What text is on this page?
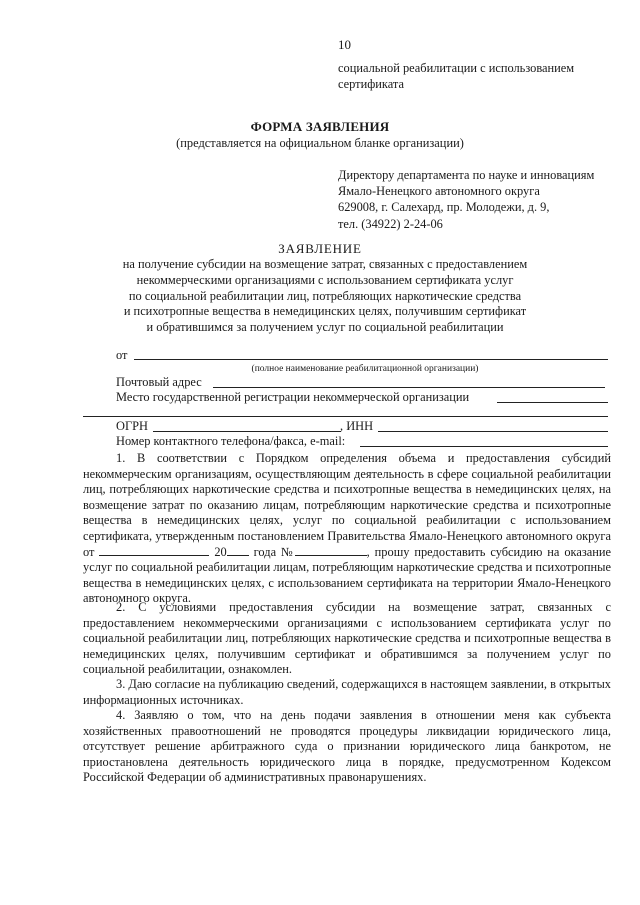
10
социальной реабилитации с использованием
сертификата
ФОРМА ЗАЯВЛЕНИЯ
(представляется на официальном бланке организации)
Директору департамента по науке и инновациям
Ямало-Ненецкого автономного округа
629008, г. Салехард, пр. Молодежи, д. 9,
тел. (34922) 2-24-06
ЗАЯВЛЕНИЕ
на получение субсидии на возмещение затрат, связанных с предоставлением
некоммерческими организациями с использованием сертификата услуг
по социальной реабилитации лиц, потребляющих наркотические средства
и психотропные вещества в немедицинских целях, получившим сертификат
и обратившимся за получением услуг по социальной реабилитации
от
(полное наименование реабилитационной организации)
Почтовый адрес
Место государственной регистрации некоммерческой организации
ОГРН	, ИНН
Номер контактного телефона/факса, e-mail:

1. В соответствии с Порядком определения объема и предоставления субсидий некоммерческим организациям, осуществляющим деятельность в сфере социальной реабилитации лиц, потребляющих наркотические средства и психотропные вещества в немедицинских целях, на возмещение затрат по оказанию лицам, потребляющим наркотические средства и психотропные вещества в немедицинских целях, услуг по социальной реабилитации с использованием сертификата, утвержденным постановлением Правительства Ямало-Ненецкого автономного округа от	20 года №	, прошу предоставить субсидию на оказание услуг по социальной реабилитации лицам, потребляющим наркотические средства и психотропные вещества в немедицинских целях, с использованием сертификата на территории Ямало-Ненецкого автономного округа.

2. С условиями предоставления субсидии на возмещение затрат, связанных с предоставлением некоммерческими организациями с использованием сертификата услуг по социальной реабилитации лиц, потребляющих наркотические средства и психотропные вещества в немедицинских целях, получившим сертификат и обратившимся за получением услуг по социальной реабилитации, ознакомлен.

3. Даю согласие на публикацию сведений, содержащихся в настоящем заявлении, в открытых информационных источниках.

4. Заявляю о том, что на день подачи заявления в отношении меня как субъекта хозяйственных правоотношений не проводятся процедуры ликвидации юридического лица, отсутствует решение арбитражного суда о признании юридического лица банкротом, не приостановлена деятельность юридического лица в порядке, предусмотренном Кодексом Российской Федерации об административных правонарушениях.
